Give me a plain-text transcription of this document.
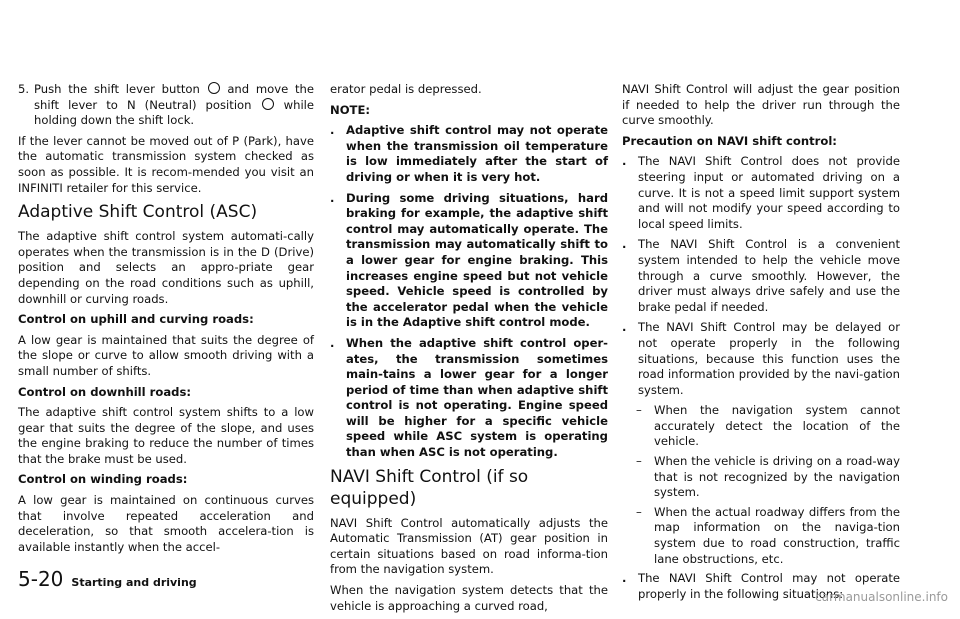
5. Push the shift lever button and move the shift lever to N (Neutral) position	while holding down the shift lock.

If the lever cannot be moved out of P (Park), have the automatic transmission system checked as soon as possible. It is recom-mended you visit an INFINITI retailer for this service.

Adaptive Shift Control (ASC)

The adaptive shift control system automati-cally operates when the transmission is in the D (Drive) position and selects an appro-priate gear depending on the road conditions such as uphill, downhill or curving roads.

Control on uphill and curving roads:

A low gear is maintained that suits the degree of the slope or curve to allow smooth driving with a small number of shifts.

Control on downhill roads:

The adaptive shift control system shifts to a low gear that suits the degree of the slope, and uses the engine braking to reduce the number of times that the brake must be used.

Control on winding roads:

A low gear is maintained on continuous curves that involve repeated acceleration and deceleration, so that smooth accelera-tion is available instantly when the accel-

erator pedal is depressed.

NOTE:
. Adaptive shift control may not operate when the transmission oil temperature is low immediately after the start of driving or when it is very hot.
. During some driving situations, hard braking for example, the adaptive shift control may automatically operate. The transmission may automatically shift to a lower gear for engine braking. This increases engine speed but not vehicle speed. Vehicle speed is controlled by the accelerator pedal when the vehicle is in the Adaptive shift control mode.
. When the adaptive shift control oper-ates, the transmission sometimes main-tains a lower gear for a longer period of time than when adaptive shift control is not operating. Engine speed will be higher for a specific vehicle speed while ASC system is operating than when ASC is not operating.
NAVI Shift Control (if so equipped)

NAVI Shift Control automatically adjusts the Automatic Transmission (AT) gear position in certain situations based on road informa-tion from the navigation system.

When the navigation system detects that the vehicle is approaching a curved road,

NAVI Shift Control will adjust the gear position if needed to help the driver run through the curve smoothly.

Precaution on NAVI shift control:
. The NAVI Shift Control does not provide steering input or automated driving on a curve. It is not a speed limit support system and will not modify your speed according to local speed limits.
. The NAVI Shift Control is a convenient system intended to help the vehicle move through a curve smoothly. However, the driver must always drive safely and use the brake pedal if needed.
. The NAVI Shift Control may be delayed or not operate properly in the following situations, because this function uses the road information provided by the navi-gation system.
–	When the navigation system cannot accurately detect the location of the vehicle.
–	When the vehicle is driving on a road-way that is not recognized by the navigation system.
–	When the actual roadway differs from the map information on the naviga-tion system due to road construction, traffic lane obstructions, etc.
. The NAVI Shift Control may not operate properly in the following situations:
5-20 Starting and driving
carmanualsonline.info
